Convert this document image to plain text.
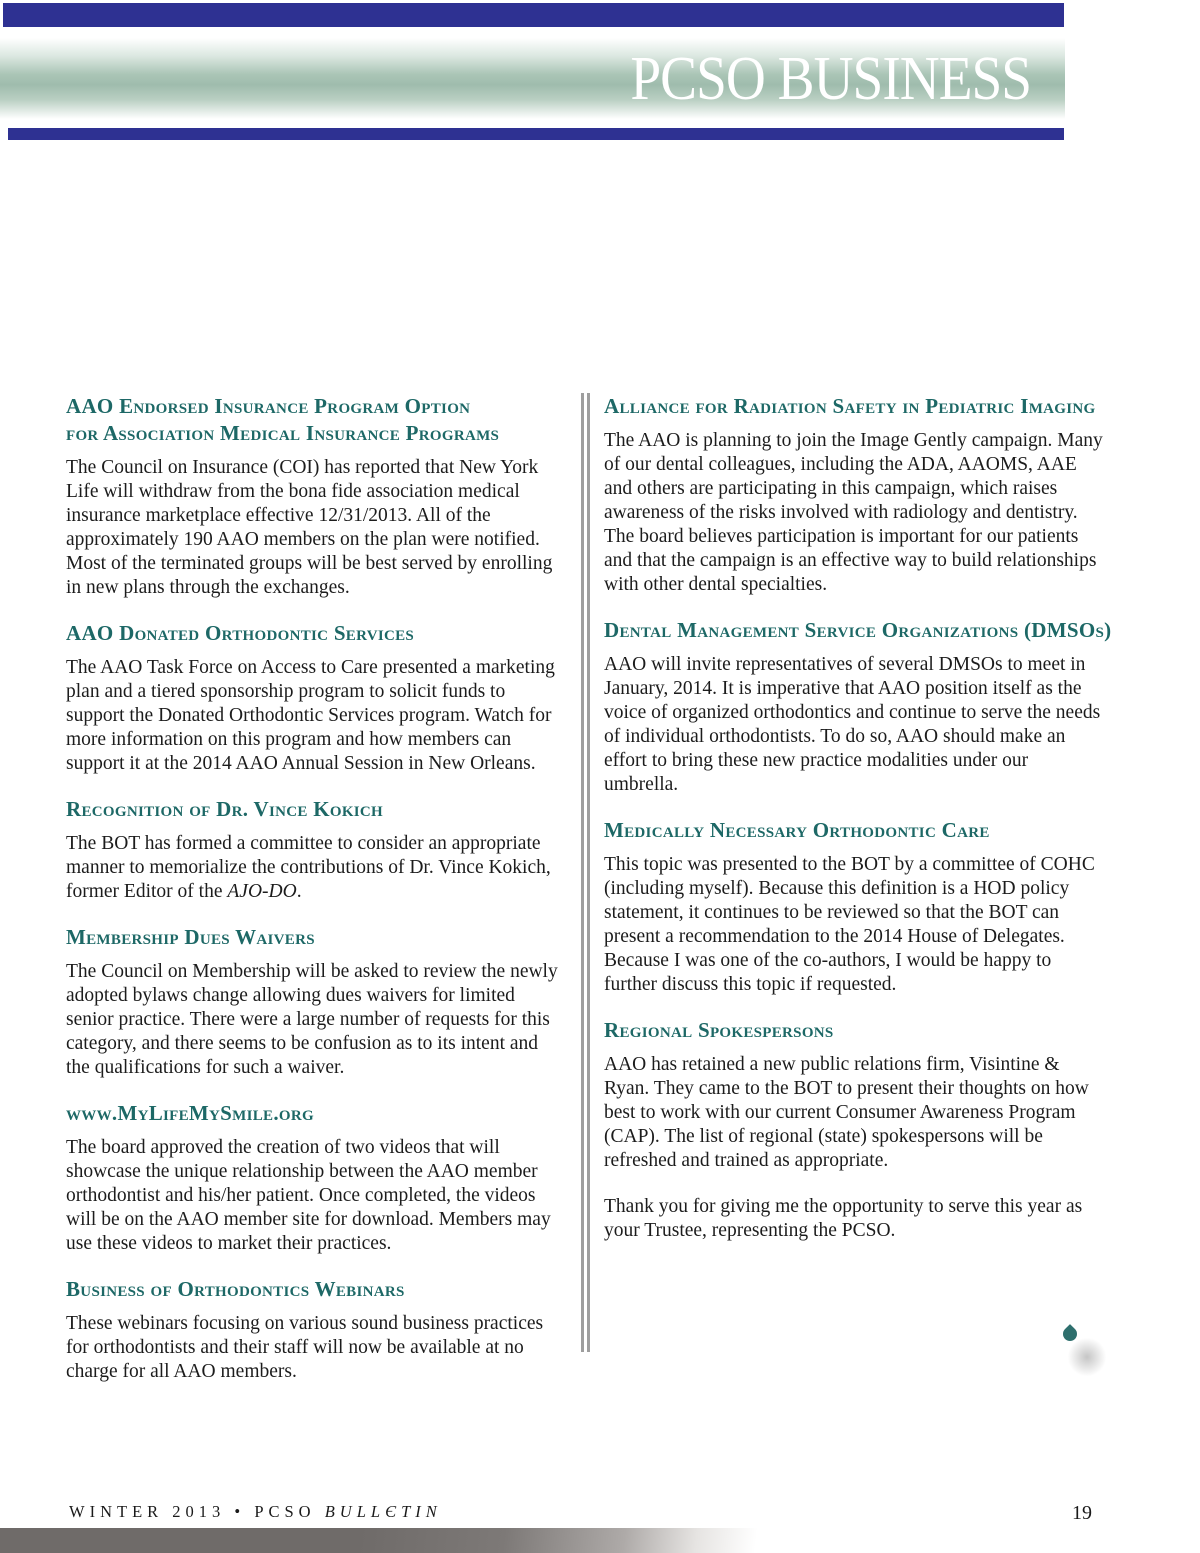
PCSO BUSINESS
AAO Endorsed Insurance Program Option
for Association Medical Insurance Programs

The Council on Insurance (COI) has reported that New York Life will withdraw from the bona fide association medical insurance marketplace effective 12/31/2013. All of the approximately 190 AAO members on the plan were notified. Most of the terminated groups will be best served by enrolling in new plans through the exchanges.

AAO Donated Orthodontic Services

The AAO Task Force on Access to Care presented a marketing plan and a tiered sponsorship program to solicit funds to support the Donated Orthodontic Services program. Watch for more information on this program and how members can support it at the 2014 AAO Annual Session in New Orleans.

Recognition of Dr. Vince Kokich

The BOT has formed a committee to consider an appropriate manner to memorialize the contributions of Dr. Vince Kokich, former Editor of the AJO-DO.

Membership Dues Waivers

The Council on Membership will be asked to review the newly adopted bylaws change allowing dues waivers for limited senior practice. There were a large number of requests for this category, and there seems to be confusion as to its intent and the qualifications for such a waiver.

www.MyLifeMySmile.org

The board approved the creation of two videos that will showcase the unique relationship between the AAO member orthodontist and his/her patient. Once completed, the videos will be on the AAO member site for download. Members may use these videos to market their practices.

Business of Orthodontics Webinars

These webinars focusing on various sound business practices for orthodontists and their staff will now be available at no charge for all AAO members.

Alliance for Radiation Safety in Pediatric Imaging

The AAO is planning to join the Image Gently campaign. Many of our dental colleagues, including the ADA, AAOMS, AAE and others are participating in this campaign, which raises awareness of the risks involved with radiology and dentistry. The board believes participation is important for our patients and that the campaign is an effective way to build relationships with other dental specialties.

Dental Management Service Organizations (DMSOs)

AAO will invite representatives of several DMSOs to meet in January, 2014. It is imperative that AAO position itself as the voice of organized orthodontics and continue to serve the needs of individual orthodontists. To do so, AAO should make an effort to bring these new practice modalities under our umbrella.

Medically Necessary Orthodontic Care

This topic was presented to the BOT by a committee of COHC (including myself). Because this definition is a HOD policy statement, it continues to be reviewed so that the BOT can present a recommendation to the 2014 House of Delegates. Because I was one of the co-authors, I would be happy to further discuss this topic if requested.

Regional Spokespersons

AAO has retained a new public relations firm, Visintine & Ryan. They came to the BOT to present their thoughts on how best to work with our current Consumer Awareness Program (CAP). The list of regional (state) spokespersons will be refreshed and trained as appropriate.

Thank you for giving me the opportunity to serve this year as your Trustee, representing the PCSO.

WINTER 2013 • PCSO BULLЄTIN	19
